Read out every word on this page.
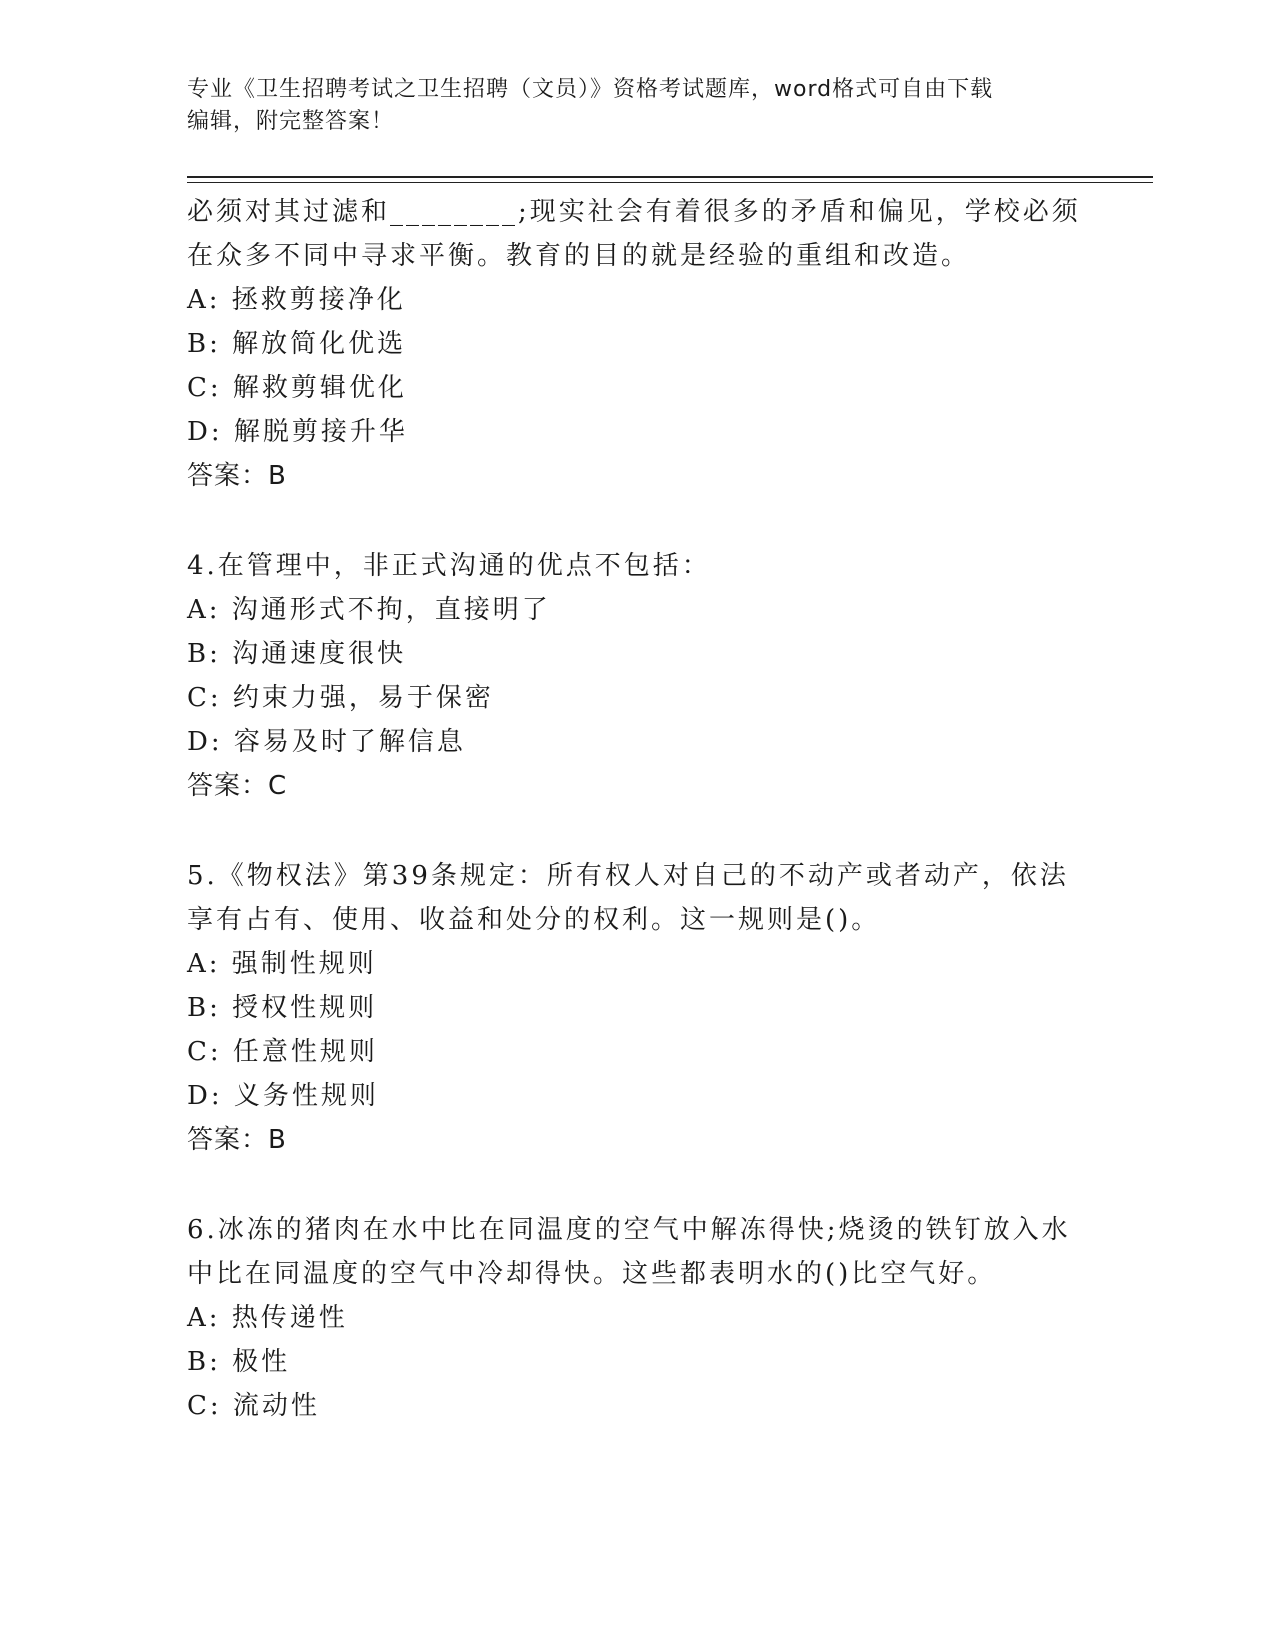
专业《卫生招聘考试之卫生招聘（文员）》资格考试题库，word格式可自由下载
编辑，附完整答案！
必须对其过滤和________;现实社会有着很多的矛盾和偏见，学校必须
在众多不同中寻求平衡。教育的目的就是经验的重组和改造。
A: 拯救剪接净化
B: 解放简化优选
C: 解救剪辑优化
D: 解脱剪接升华
答案：B
4.在管理中，非正式沟通的优点不包括：
A: 沟通形式不拘，直接明了
B: 沟通速度很快
C: 约束力强，易于保密
D: 容易及时了解信息
答案：C
5.《物权法》第39条规定：所有权人对自己的不动产或者动产，依法
享有占有、使用、收益和处分的权利。这一规则是()。
A: 强制性规则
B: 授权性规则
C: 任意性规则
D: 义务性规则
答案：B
6.冰冻的猪肉在水中比在同温度的空气中解冻得快;烧烫的铁钉放入水
中比在同温度的空气中冷却得快。这些都表明水的()比空气好。
A: 热传递性
B: 极性
C: 流动性
